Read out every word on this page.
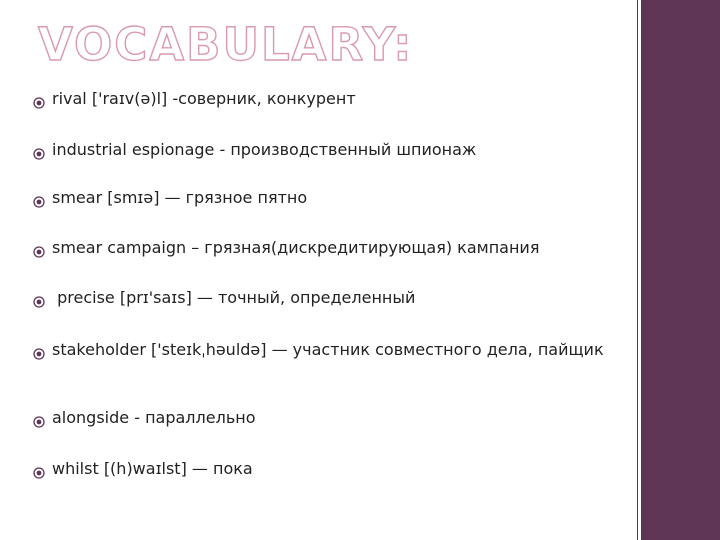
VOCABULARY:
rival ['raɪv(ə)l] -соверник, конкурент
industrial espionage - производственный шпионаж
smear [smɪə] — грязное пятно
smear campaign – грязная(дискредитирующая) кампания
precise [prɪ'saɪs] — точный, определенный
stakeholder ['steɪkˌhəuldə] — участник совместного дела, пайщик
alongside - параллельно
whilst [(h)waɪlst] — пока
